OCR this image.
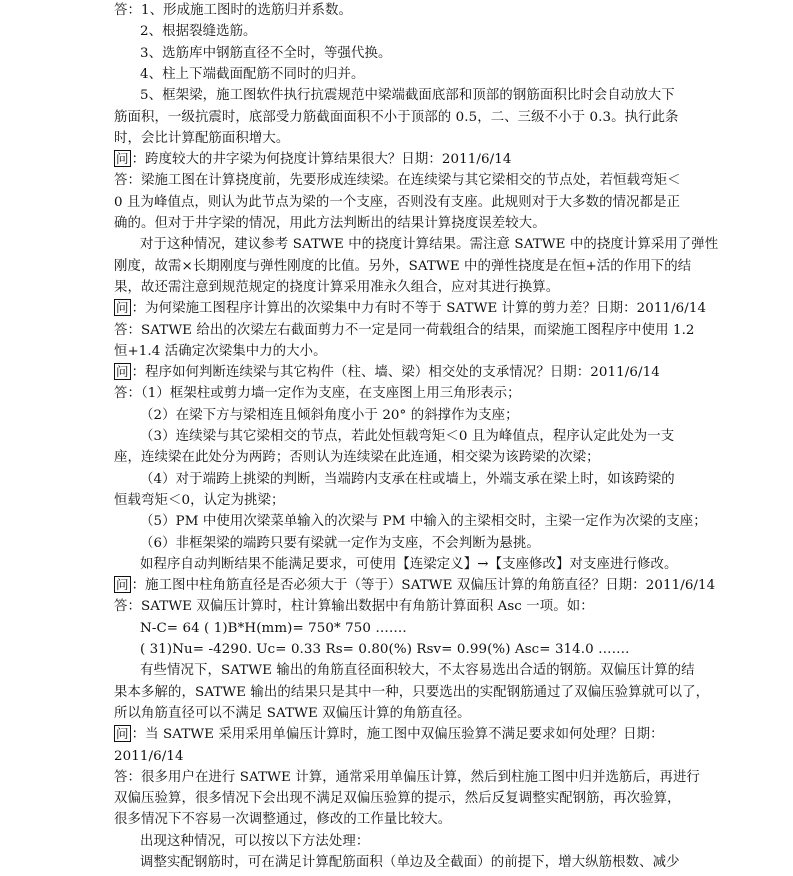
答：1、形成施工图时的选筋归并系数。
2、根据裂缝选筋。
3、选筋库中钢筋直径不全时，等强代换。
4、柱上下端截面配筋不同时的归并。
5、框架梁，施工图软件执行抗震规范中梁端截面底部和顶部的钢筋面积比时会自动放大下
筋面积，一级抗震时，底部受力筋截面面积不小于顶部的 0.5，二、三级不小于 0.3。执行此条
时，会比计算配筋面积增大。
问 ：跨度较大的井字梁为何挠度计算结果很大？日期：2011/6/14
答：梁施工图在计算挠度前，先要形成连续梁。在连续梁与其它梁相交的节点处，若恒载弯矩＜
0 且为峰值点，则认为此节点为梁的一个支座，否则没有支座。此规则对于大多数的情况都是正
确的。但对于井字梁的情况，用此方法判断出的结果计算挠度误差较大。
对于这种情况，建议参考 SATWE 中的挠度计算结果。需注意 SATWE 中的挠度计算采用了弹性
刚度，故需×长期刚度与弹性刚度的比值。另外，SATWE 中的弹性挠度是在恒+活的作用下的结
果，故还需注意到规范规定的挠度计算采用准永久组合，应对其进行换算。
问 ：为何梁施工图程序计算出的次梁集中力有时不等于 SATWE 计算的剪力差？日期：2011/6/14
答：SATWE 给出的次梁左右截面剪力不一定是同一荷载组合的结果，而梁施工图程序中使用 1.2
恒+1.4 活确定次梁集中力的大小。
问 ：程序如何判断连续梁与其它构件（柱、墙、梁）相交处的支承情况？日期：2011/6/14
答：（1）框架柱或剪力墙一定作为支座，在支座图上用三角形表示；
（2）在梁下方与梁相连且倾斜角度小于 20° 的斜撑作为支座；
（3）连续梁与其它梁相交的节点，若此处恒载弯矩＜0 且为峰值点，程序认定此处为一支
座，连续梁在此处分为两跨；否则认为连续梁在此连通，相交梁为该跨梁的次梁；
（4）对于端跨上挑梁的判断，当端跨内支承在柱或墙上，外端支承在梁上时，如该跨梁的
恒载弯矩＜0，认定为挑梁；
（5）PM 中使用次梁菜单输入的次梁与 PM 中输入的主梁相交时，主梁一定作为次梁的支座；
（6）非框架梁的端跨只要有梁就一定作为支座，不会判断为悬挑。
如程序自动判断结果不能满足要求，可使用【连梁定义】→【支座修改】对支座进行修改。
问 ：施工图中柱角筋直径是否必须大于（等于）SATWE 双偏压计算的角筋直径？日期：2011/6/14
答：SATWE 双偏压计算时，柱计算输出数据中有角筋计算面积 Asc 一项。如：
N-C= 64 ( 1)B*H(mm)= 750* 750 …….
( 31)Nu= -4290. Uc= 0.33 Rs= 0.80(%) Rsv= 0.99(%) Asc= 314.0 …….
有些情况下，SATWE 输出的角筋直径面积较大，不太容易选出合适的钢筋。双偏压计算的结
果本多解的，SATWE 输出的结果只是其中一种，只要选出的实配钢筋通过了双偏压验算就可以了，
所以角筋直径可以不满足 SATWE 双偏压计算的角筋直径。
问 ：当 SATWE 采用采用单偏压计算时，施工图中双偏压验算不满足要求如何处理？日期：
2011/6/14
答：很多用户在进行 SATWE 计算，通常采用单偏压计算，然后到柱施工图中归并选筋后，再进行
双偏压验算，很多情况下会出现不满足双偏压验算的提示，然后反复调整实配钢筋，再次验算，
很多情况下不容易一次调整通过，修改的工作量比较大。
出现这种情况，可以按以下方法处理：
调整实配钢筋时，可在满足计算配筋面积（单边及全截面）的前提下，增大纵筋根数、减少
